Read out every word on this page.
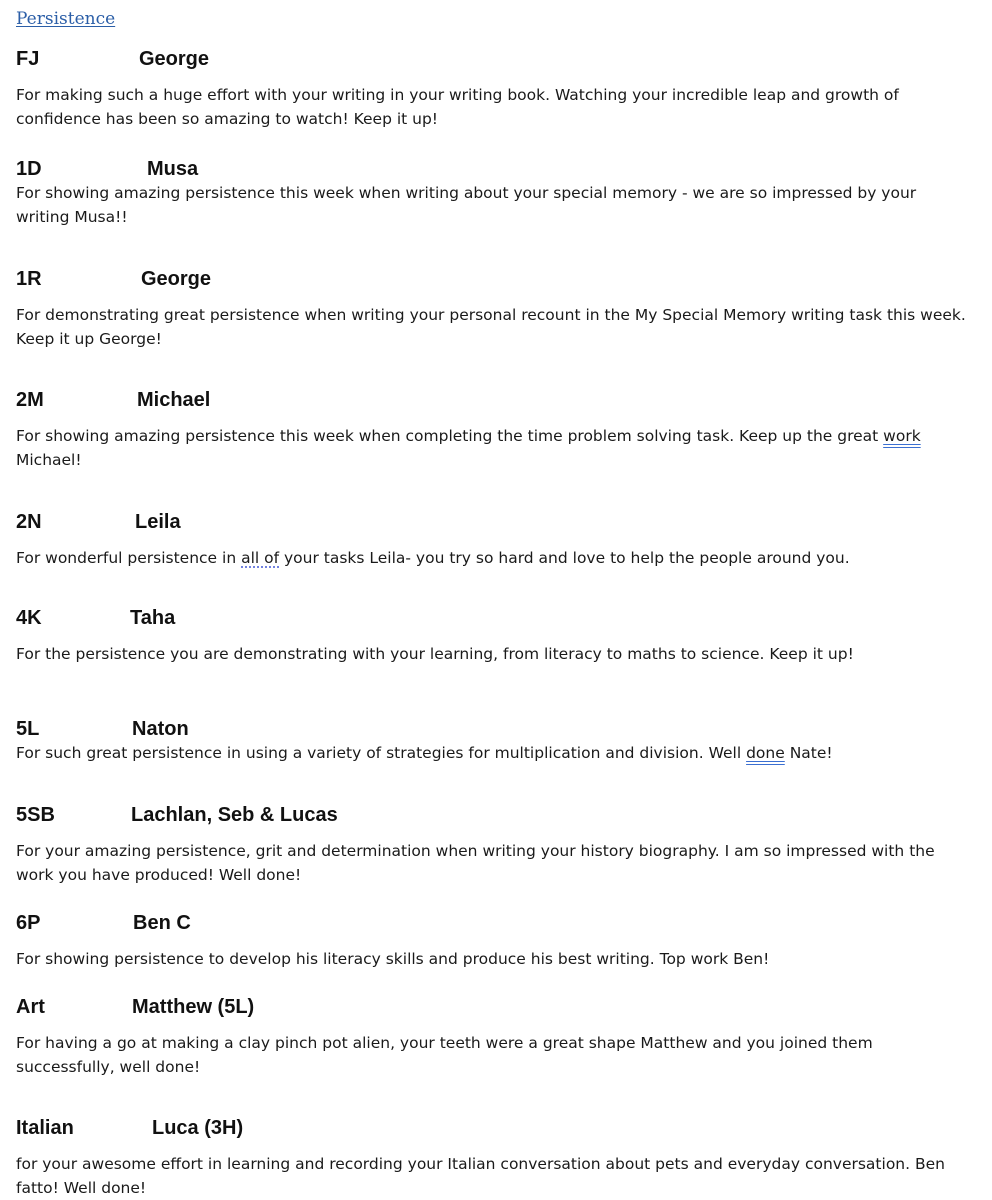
Persistence
FJ	George
For making such a huge effort with your writing in your writing book. Watching your incredible leap and growth of confidence has been so amazing to watch! Keep it up!
1D	Musa
For showing amazing persistence this week when writing about your special memory - we are so impressed by your writing Musa!!
1R	George
For demonstrating great persistence when writing your personal recount in the My Special Memory writing task this week. Keep it up George!
2M	Michael
For showing amazing persistence this week when completing the time problem solving task. Keep up the great work Michael!
2N	Leila
For wonderful persistence in all of your tasks Leila- you try so hard and love to help the people around you.
4K	Taha
For the persistence you are demonstrating with your learning, from literacy to maths to science. Keep it up!
5L	Naton
For such great persistence in using a variety of strategies for multiplication and division. Well done Nate!
5SB	Lachlan, Seb & Lucas
For your amazing persistence, grit and determination when writing your history biography. I am so impressed with the work you have produced! Well done!
6P	Ben C
For showing persistence to develop his literacy skills and produce his best writing. Top work Ben!
Art	Matthew (5L)
For having a go at making a clay pinch pot alien, your teeth were a great shape Matthew and you joined them successfully, well done!
Italian	Luca (3H)
for your awesome effort in learning and recording your Italian conversation about pets and everyday conversation. Ben fatto! Well done!
